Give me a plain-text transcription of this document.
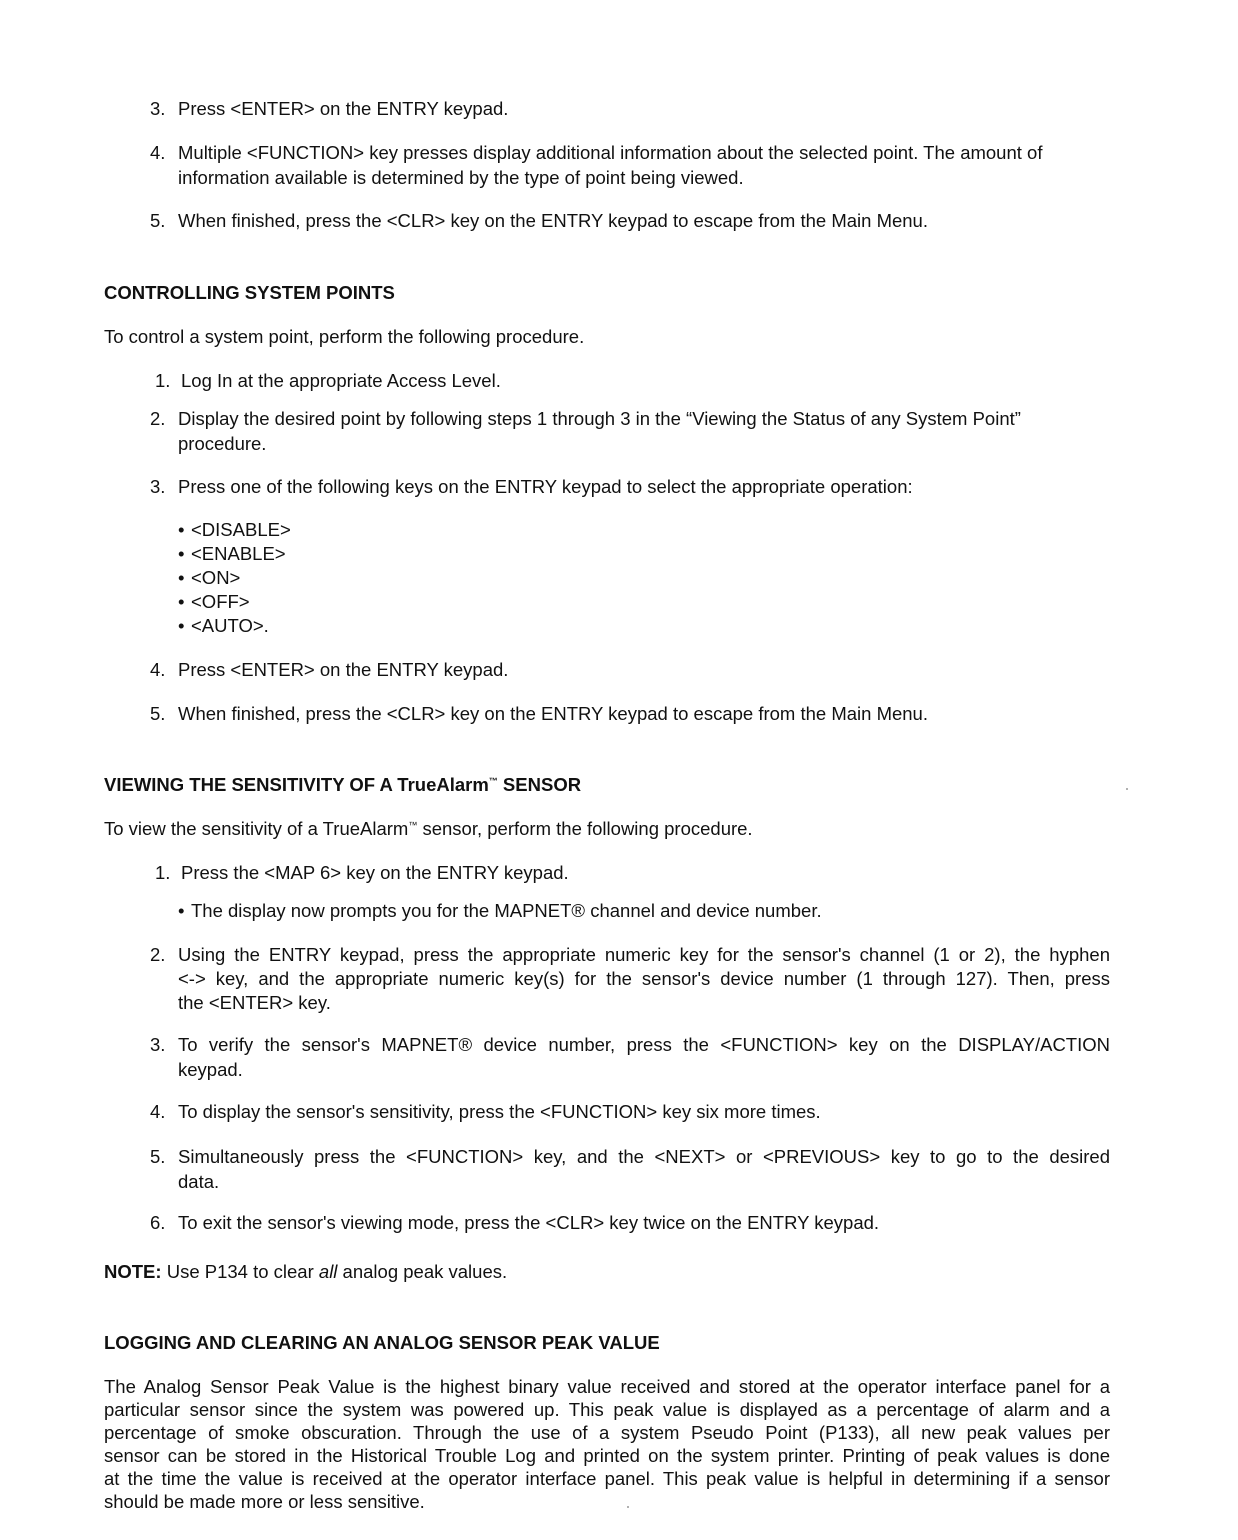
3. Press <ENTER> on the ENTRY keypad.
4. Multiple <FUNCTION> key presses display additional information about the selected point. The amount of
information available is determined by the type of point being viewed.
5. When finished, press the <CLR> key on the ENTRY keypad to escape from the Main Menu.
CONTROLLING SYSTEM POINTS
To control a system point, perform the following procedure.
1. Log In at the appropriate Access Level.
2. Display the desired point by following steps 1 through 3 in the “Viewing the Status of any System Point”
procedure.
3. Press one of the following keys on the ENTRY keypad to select the appropriate operation:
• <DISABLE>
• <ENABLE>
• <ON>
• <OFF>
• <AUTO>.
4. Press <ENTER> on the ENTRY keypad.
5. When finished, press the <CLR> key on the ENTRY keypad to escape from the Main Menu.
VIEWING THE SENSITIVITY OF A TrueAlarm™ SENSOR
To view the sensitivity of a TrueAlarm™ sensor, perform the following procedure.
1. Press the <MAP 6> key on the ENTRY keypad.
• The display now prompts you for the MAPNET® channel and device number.
2. Using the ENTRY keypad, press the appropriate numeric key for the sensor's channel (1 or 2), the hyphen
<-> key, and the appropriate numeric key(s) for the sensor's device number (1 through 127). Then, press
the <ENTER> key.
3. To verify the sensor's MAPNET® device number, press the <FUNCTION> key on the DISPLAY/ACTION
keypad.
4. To display the sensor's sensitivity, press the <FUNCTION> key six more times.
5. Simultaneously press the <FUNCTION> key, and the <NEXT> or <PREVIOUS> key to go to the desired
data.
6. To exit the sensor's viewing mode, press the <CLR> key twice on the ENTRY keypad.
NOTE: Use P134 to clear all analog peak values.
LOGGING AND CLEARING AN ANALOG SENSOR PEAK VALUE
The Analog Sensor Peak Value is the highest binary value received and stored at the operator interface panel for a
particular sensor since the system was powered up. This peak value is displayed as a percentage of alarm and a
percentage of smoke obscuration. Through the use of a system Pseudo Point (P133), all new peak values per
sensor can be stored in the Historical Trouble Log and printed on the system printer. Printing of peak values is done
at the time the value is received at the operator interface panel. This peak value is helpful in determining if a sensor
should be made more or less sensitive.
